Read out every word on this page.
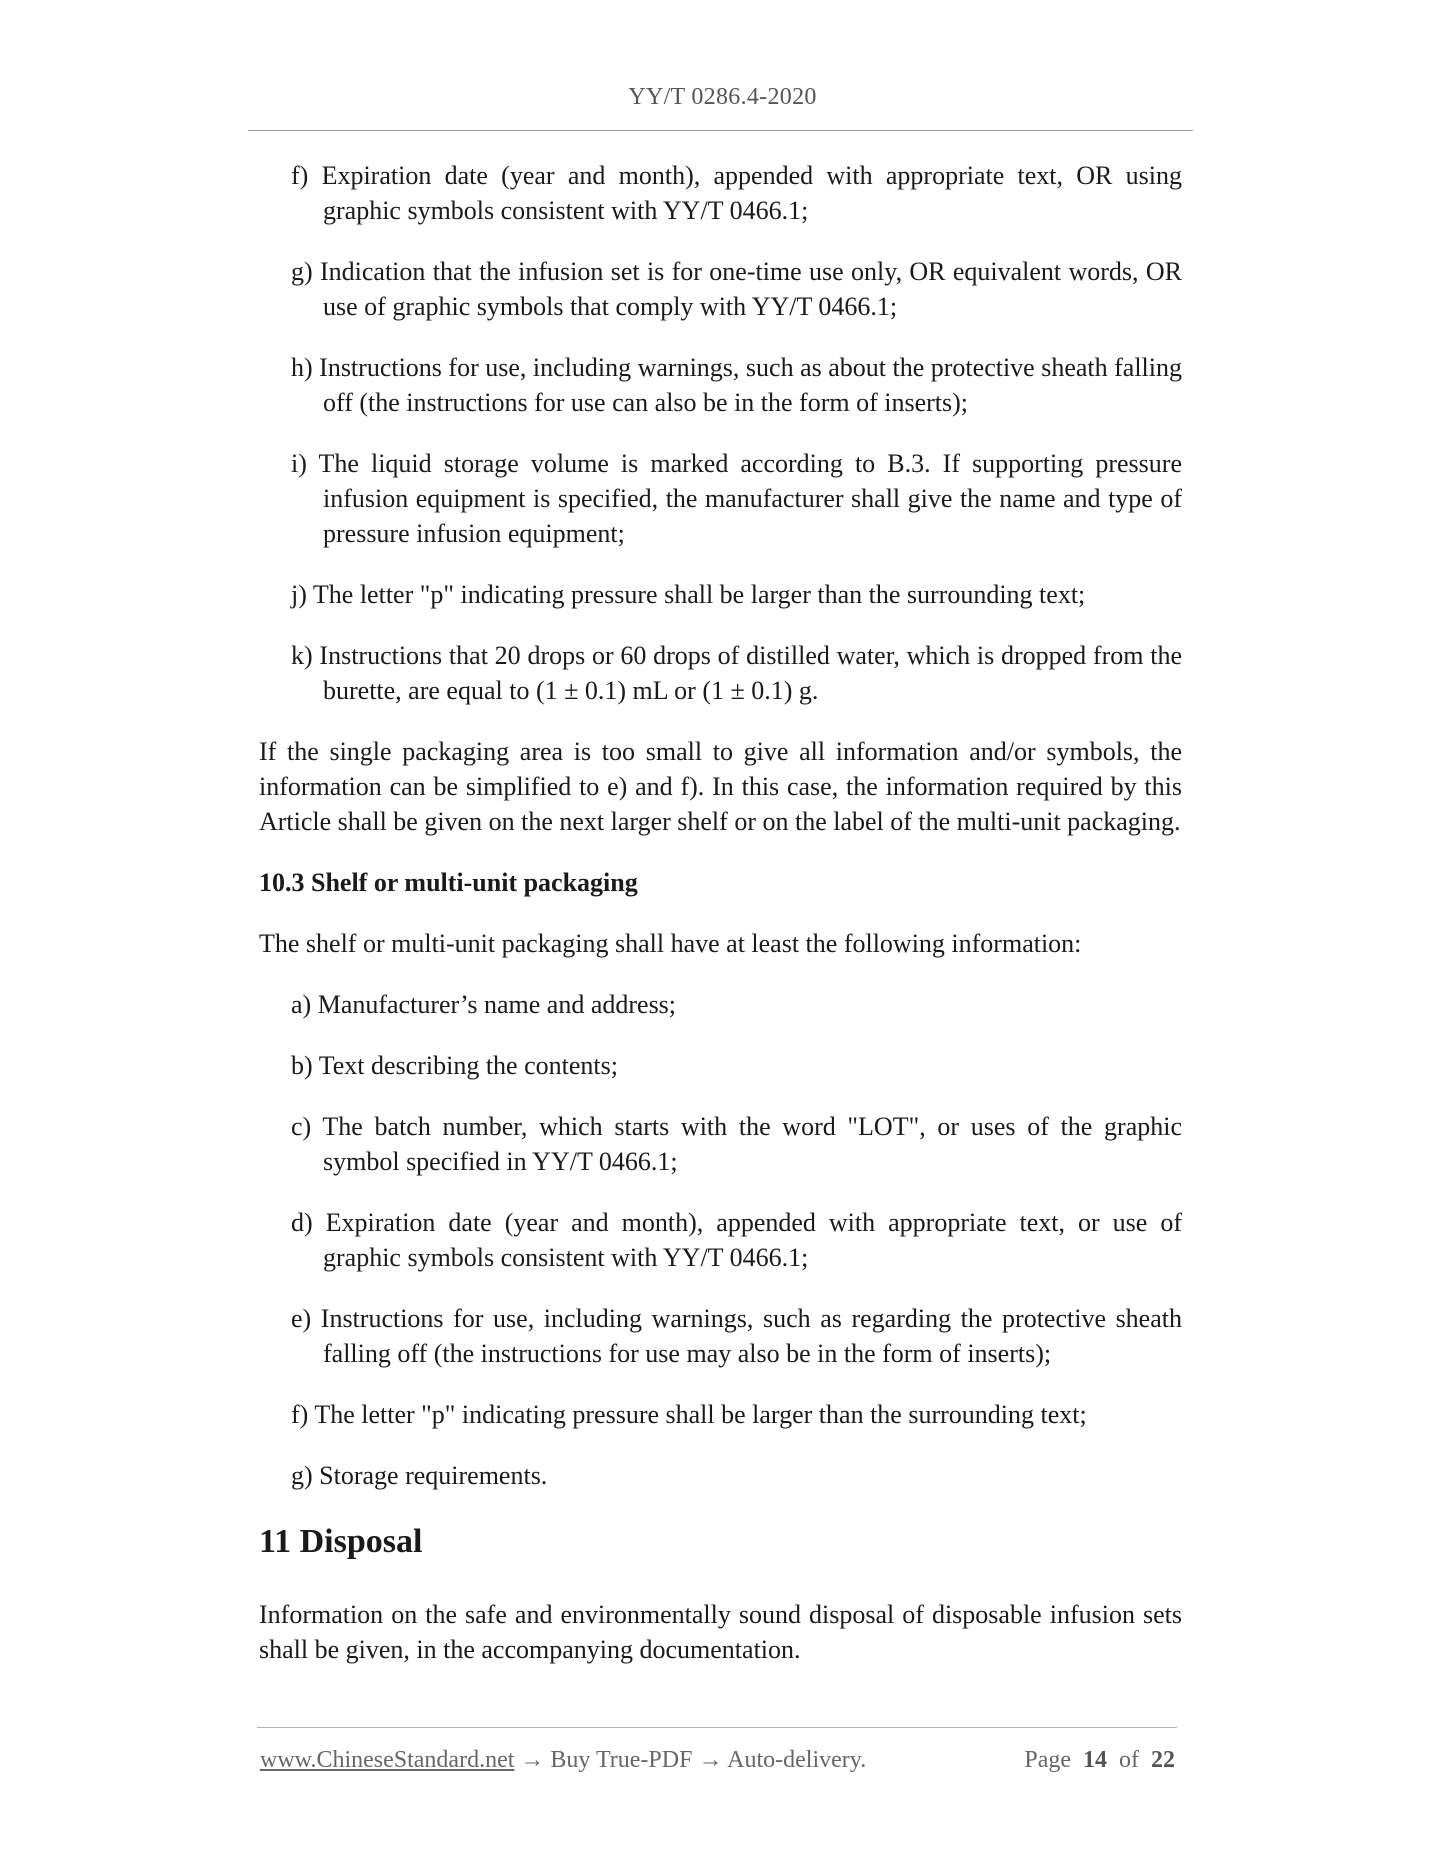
YY/T 0286.4-2020

f) Expiration date (year and month), appended with appropriate text, OR using graphic symbols consistent with YY/T 0466.1;

g) Indication that the infusion set is for one-time use only, OR equivalent words, OR use of graphic symbols that comply with YY/T 0466.1;

h) Instructions for use, including warnings, such as about the protective sheath falling off (the instructions for use can also be in the form of inserts);

i) The liquid storage volume is marked according to B.3. If supporting pressure infusion equipment is specified, the manufacturer shall give the name and type of pressure infusion equipment;

j) The letter "p" indicating pressure shall be larger than the surrounding text;

k) Instructions that 20 drops or 60 drops of distilled water, which is dropped from the burette, are equal to (1 ± 0.1) mL or (1 ± 0.1) g.

If the single packaging area is too small to give all information and/or symbols, the information can be simplified to e) and f). In this case, the information required by this Article shall be given on the next larger shelf or on the label of the multi-unit packaging.

10.3 Shelf or multi-unit packaging

The shelf or multi-unit packaging shall have at least the following information:

a) Manufacturer’s name and address;

b) Text describing the contents;

c) The batch number, which starts with the word "LOT", or uses of the graphic symbol specified in YY/T 0466.1;

d) Expiration date (year and month), appended with appropriate text, or use of graphic symbols consistent with YY/T 0466.1;

e) Instructions for use, including warnings, such as regarding the protective sheath falling off (the instructions for use may also be in the form of inserts);

f) The letter "p" indicating pressure shall be larger than the surrounding text;

g) Storage requirements.

11 Disposal

Information on the safe and environmentally sound disposal of disposable infusion sets shall be given, in the accompanying documentation.

www.ChineseStandard.net → Buy True-PDF → Auto-delivery.	Page 14 of 22
